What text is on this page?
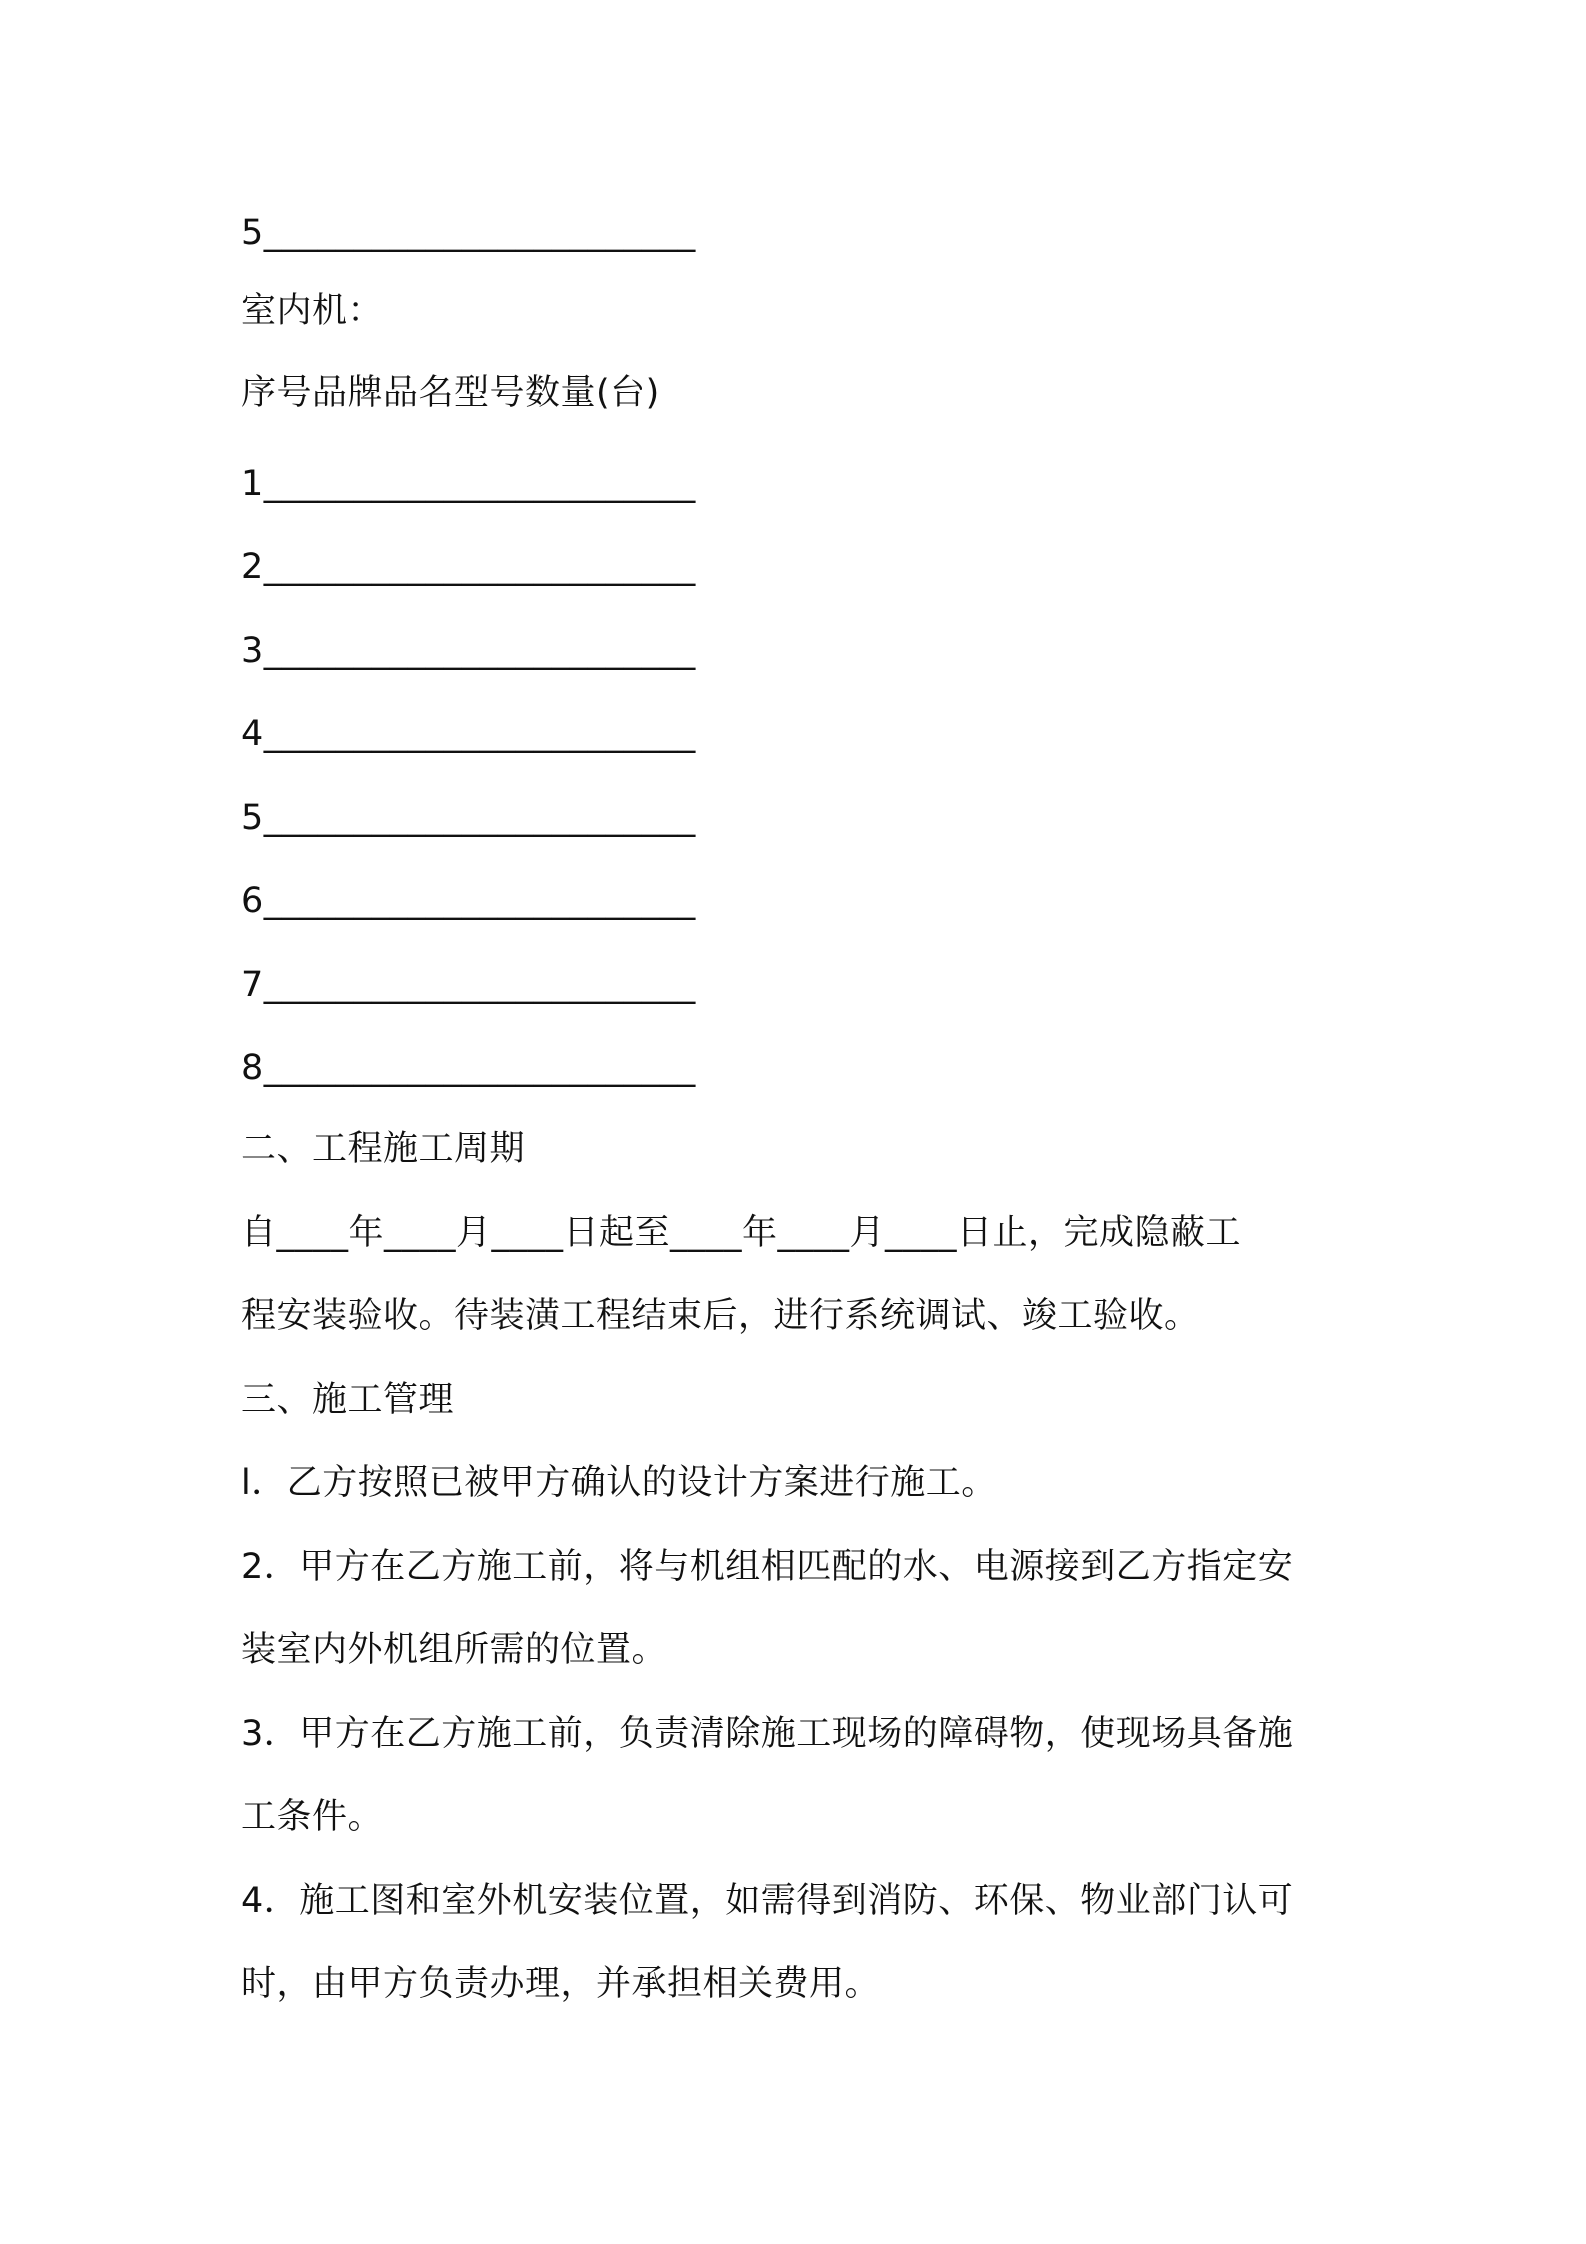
5________________________
室内机：
序号品牌品名型号数量(台)
1________________________
2________________________
3________________________
4________________________
5________________________
6________________________
7________________________
8________________________
二、工程施工周期
自____年____月____日起至____年____月____日止，完成隐蔽工
程安装验收。待装潢工程结束后，进行系统调试、竣工验收。
三、施工管理
l．乙方按照已被甲方确认的设计方案进行施工。
2．甲方在乙方施工前，将与机组相匹配的水、电源接到乙方指定安
装室内外机组所需的位置。
3．甲方在乙方施工前，负责清除施工现场的障碍物，使现场具备施
工条件。
4．施工图和室外机安装位置，如需得到消防、环保、物业部门认可
时，由甲方负责办理，并承担相关费用。
